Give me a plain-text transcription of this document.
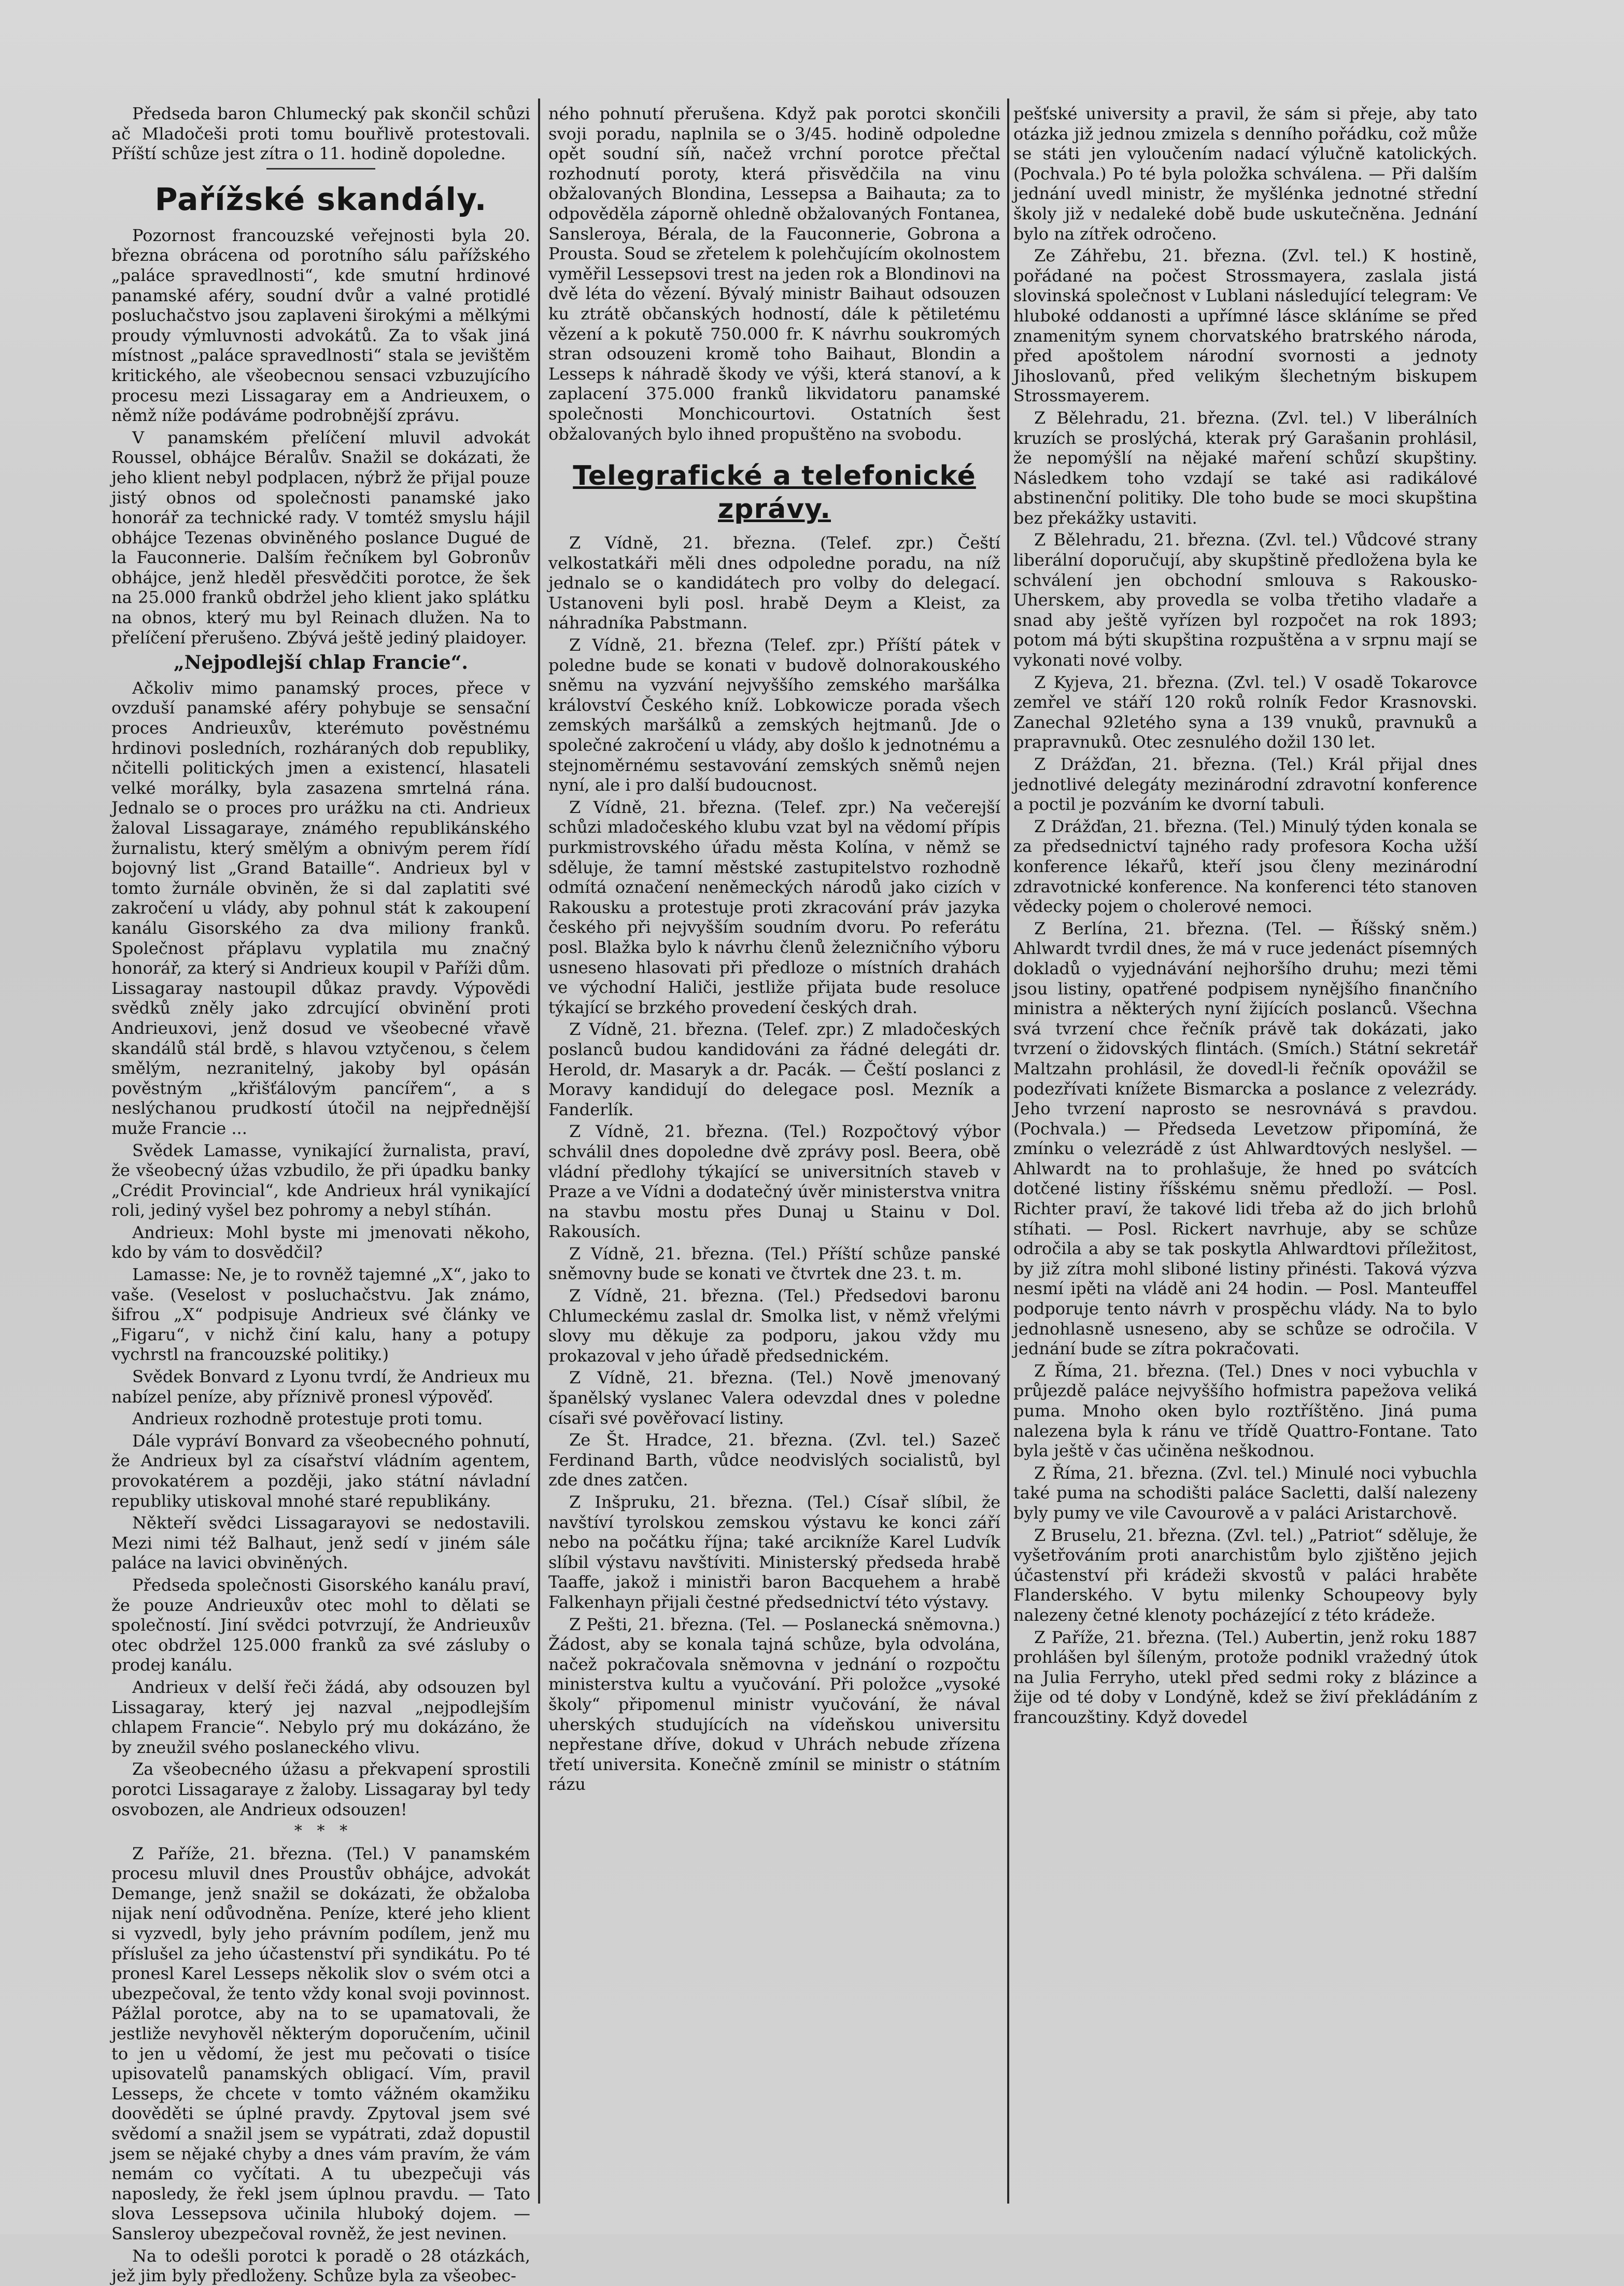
Předseda baron Chlumecký pak skončil schůzi ač Mladočeši proti tomu bouřlivě protestovali. Příští schůze jest zítra o 11. hodině dopoledne.

Pařížské skandály.

Pozornost francouzské veřejnosti byla 20. března obrácena od porotního sálu pařížského „paláce spravedlnosti“, kde smutní hrdinové panamské aféry, soudní dvůr a valné protidlé posluchačstvo jsou zaplaveni širokými a mělkými proudy výmluvnosti advokátů. Za to však jiná místnost „paláce spravedlnosti“ stala se jevištěm kritického, ale všeobecnou sensaci vzbuzujícího procesu mezi Lissagaray em a Andrieuxem, o němž níže podáváme podrobnější zprávu.

V panamském přelíčení mluvil advokát Roussel, obhájce Béralův. Snažil se dokázati, že jeho klient nebyl podplacen, nýbrž že přijal pouze jistý obnos od společnosti panamské jako honorář za technické rady. V tomtéž smyslu hájil obhájce Tezenas obviněného poslance Dugué de la Fauconnerie. Dalším řečníkem byl Gobronův obhájce, jenž hleděl přesvědčiti porotce, že šek na 25.000 franků obdržel jeho klient jako splátku na obnos, který mu byl Reinach dlužen. Na to přelíčení přerušeno. Zbývá ještě jediný plaidoyer.

„Nejpodlejší chlap Francie“.

Ačkoliv mimo panamský proces, přece v ovzduší panamské aféry pohybuje se sensační proces Andrieuxův, kterémuto pověstnému hrdinovi posledních, rozháraných dob republiky, nčitelli politických jmen a existencí, hlasateli velké morálky, byla zasazena smrtelná rána. Jednalo se o proces pro urážku na cti. Andrieux žaloval Lissagaraye, známého republikánského žurnalistu, který smělým a obnivým perem řídí bojovný list „Grand Bataille“. Andrieux byl v tomto žurnále obviněn, že si dal zaplatiti své zakročení u vlády, aby pohnul stát k zakoupení kanálu Gisorského za dva miliony franků. Společnost přáplavu vyplatila mu značný honorář, za který si Andrieux koupil v Paříži dům. Lissagaray nastoupil důkaz pravdy. Výpovědi svědků zněly jako zdrcující obvinění proti Andrieuxovi, jenž dosud ve všeobecné vřavě skandálů stál brdě, s hlavou vztyčenou, s čelem smělým, nezranitelný, jakoby byl opásán pověstným „křišťálovým pancířem“, a s neslýchanou prudkostí útočil na nejpřednější muže Francie ...

Svědek Lamasse, vynikající žurnalista, praví, že všeobecný úžas vzbudilo, že při úpadku banky „Crédit Provincial“, kde Andrieux hrál vynikající roli, jediný vyšel bez pohromy a nebyl stíhán.

Andrieux: Mohl byste mi jmenovati někoho, kdo by vám to dosvědčil?

Lamasse: Ne, je to rovněž tajemné „X“, jako to vaše. (Veselost v posluchačstvu. Jak známo, šifrou „X“ podpisuje Andrieux své články ve „Figaru“, v nichž činí kalu, hany a potupy vychrstl na francouzské politiky.)

Svědek Bonvard z Lyonu tvrdí, že Andrieux mu nabízel peníze, aby příznivě pronesl výpověď.

Andrieux rozhodně protestuje proti tomu.

Dále vypráví Bonvard za všeobecného pohnutí, že Andrieux byl za císařství vládním agentem, provokatérem a později, jako státní návladní republiky utiskoval mnohé staré republikány.

Někteří svědci Lissagarayovi se nedostavili. Mezi nimi též Balhaut, jenž sedí v jiném sále paláce na lavici obviněných.

Předseda společnosti Gisorského kanálu praví, že pouze Andrieuxův otec mohl to dělati se společností. Jiní svědci potvrzují, že Andrieuxův otec obdržel 125.000 franků za své zásluby o prodej kanálu.

Andrieux v delší řeči žádá, aby odsouzen byl Lissagaray, který jej nazval „nejpodlejším chlapem Francie“. Nebylo prý mu dokázáno, že by zneužil svého poslaneckého vlivu.

Za všeobecného úžasu a překvapení sprostili porotci Lissagaraye z žaloby. Lissagaray byl tedy osvobozen, ale Andrieux odsouzen!

*   *   *

Z Paříže, 21. března. (Tel.) V panamském procesu mluvil dnes Proustův obhájce, advokát Demange, jenž snažil se dokázati, že obžaloba nijak není odůvodněna. Peníze, které jeho klient si vyzvedl, byly jeho právním podílem, jenž mu příslušel za jeho účastenství při syndikátu. Po té pronesl Karel Lesseps několik slov o svém otci a ubezpečoval, že tento vždy konal svoji povinnost. Pážlal porotce, aby na to se upamatovali, že jestliže nevyhověl některým doporučením, učinil to jen u vědomí, že jest mu pečovati o tisíce upisovatelů panamských obligací. Vím, pravil Lesseps, že chcete v tomto vážném okamžiku doověděti se úplné pravdy. Zpytoval jsem své svědomí a snažil jsem se vypátrati, zdaž dopustil jsem se nějaké chyby a dnes vám pravím, že vám nemám co vyčítati. A tu ubezpečuji vás naposledy, že řekl jsem úplnou pravdu. — Tato slova Lessepsova učinila hluboký dojem. — Sansleroy ubezpečoval rovněž, že jest nevinen.

Na to odešli porotci k poradě o 28 otázkách, jež jim byly předloženy. Schůze byla za všeobec-

ného pohnutí přerušena. Když pak porotci skončili svoji poradu, naplnila se o 3/45. hodině odpoledne opět soudní síň, načež vrchní porotce přečtal rozhodnutí poroty, která přisvědčila na vinu obžalovaných Blondina, Lessepsa a Baihauta; za to odpověděla záporně ohledně obžalovaných Fontanea, Sansleroya, Bérala, de la Fauconnerie, Gobrona a Prousta. Soud se zřetelem k polehčujícím okolnostem vyměřil Lessepsovi trest na jeden rok a Blondinovi na dvě léta do vězení. Bývalý ministr Baihaut odsouzen ku ztrátě občanských hodností, dále k pětiletému vězení a k pokutě 750.000 fr. K návrhu soukromých stran odsouzeni kromě toho Baihaut, Blondin a Lesseps k náhradě škody ve výši, která stanoví, a k zaplacení 375.000 franků likvidatoru panamské společnosti Monchicourtovi. Ostatních šest obžalovaných bylo ihned propuštěno na svobodu.

Telegrafické a telefonické zprávy.

Z Vídně, 21. března. (Telef. zpr.) Čeští velkostatkáři měli dnes odpoledne poradu, na níž jednalo se o kandidátech pro volby do delegací. Ustanoveni byli posl. hrabě Deym a Kleist, za náhradníka Pabstmann.

Z Vídně, 21. března (Telef. zpr.) Příští pátek v poledne bude se konati v budově dolnorakouského sněmu na vyzvání nejvyššího zemského maršálka království Českého kníž. Lobkowicze porada všech zemských maršálků a zemských hejtmanů. Jde o společné zakročení u vlády, aby došlo k jednotnému a stejnoměrnému sestavování zemských sněmů nejen nyní, ale i pro další budoucnost.

Z Vídně, 21. března. (Telef. zpr.) Na večerejší schůzi mladočeského klubu vzat byl na vědomí přípis purkmistrovského úřadu města Kolína, v němž se sděluje, že tamní městské zastupitelstvo rozhodně odmítá označení neněmeckých národů jako cizích v Rakousku a protestuje proti zkracování práv jazyka českého při nejvyšším soudním dvoru. Po referátu posl. Blažka bylo k návrhu členů železničního výboru usneseno hlasovati při předloze o místních drahách ve východní Haliči, jestliže přijata bude resoluce týkající se brzkého provedení českých drah.

Z Vídně, 21. března. (Telef. zpr.) Z mladočeských poslanců budou kandidováni za řádné delegáti dr. Herold, dr. Masaryk a dr. Pacák. — Čeští poslanci z Moravy kandidují do delegace posl. Mezník a Fanderlík.

Z Vídně, 21. března. (Tel.) Rozpočtový výbor schválil dnes dopoledne dvě zprávy posl. Beera, obě vládní předlohy týkající se universitních staveb v Praze a ve Vídni a dodatečný úvěr ministerstva vnitra na stavbu mostu přes Dunaj u Stainu v Dol. Rakousích.

Z Vídně, 21. března. (Tel.) Příští schůze panské sněmovny bude se konati ve čtvrtek dne 23. t. m.

Z Vídně, 21. března. (Tel.) Předsedovi baronu Chlumeckému zaslal dr. Smolka list, v němž vřelými slovy mu děkuje za podporu, jakou vždy mu prokazoval v jeho úřadě předsednickém.

Z Vídně, 21. března. (Tel.) Nově jmenovaný španělský vyslanec Valera odevzdal dnes v poledne císaři své pověřovací listiny.

Ze Št. Hradce, 21. března. (Zvl. tel.) Sazeč Ferdinand Barth, vůdce neodvislých socialistů, byl zde dnes zatčen.

Z Inšpruku, 21. března. (Tel.) Císař slíbil, že navštíví tyrolskou zemskou výstavu ke konci září nebo na počátku října; také arcikníže Karel Ludvík slíbil výstavu navštíviti. Ministerský předseda hrabě Taaffe, jakož i ministři baron Bacquehem a hrabě Falkenhayn přijali čestné předsednictví této výstavy.

Z Pešti, 21. března. (Tel. — Poslanecká sněmovna.) Žádost, aby se konala tajná schůze, byla odvolána, načež pokračovala sněmovna v jednání o rozpočtu ministerstva kultu a vyučování. Při položce „vysoké školy“ připomenul ministr vyučování, že nával uherských studujících na vídeňskou universitu nepřestane dříve, dokud v Uhrách nebude zřízena třetí universita. Konečně zmínil se ministr o státním rázu

pešťské university a pravil, že sám si přeje, aby tato otázka již jednou zmizela s denního pořádku, což může se státi jen vyloučením nadací výlučně katolických. (Pochvala.) Po té byla položka schválena. — Při dalším jednání uvedl ministr, že myšlénka jednotné střední školy již v nedaleké době bude uskutečněna. Jednání bylo na zítřek odročeno.

Ze Záhřebu, 21. března. (Zvl. tel.) K hostině, pořádané na počest Strossmayera, zaslala jistá slovinská společnost v Lublani následující telegram: Ve hluboké oddanosti a upřímné lásce skláníme se před znamenitým synem chorvatského bratrského národa, před apoštolem národní svornosti a jednoty Jihoslovanů, před velikým šlechetným biskupem Strossmayerem.

Z Bělehradu, 21. března. (Zvl. tel.) V liberálních kruzích se proslýchá, kterak prý Garašanin prohlásil, že nepomýšlí na nějaké maření schůzí skupštiny. Následkem toho vzdají se také asi radikálové abstinenční politiky. Dle toho bude se moci skupština bez překážky ustaviti.

Z Bělehradu, 21. března. (Zvl. tel.) Vůdcové strany liberální doporučují, aby skupštině předložena byla ke schválení jen obchodní smlouva s Rakousko-Uherskem, aby provedla se volba třetiho vladaře a snad aby ještě vyřízen byl rozpočet na rok 1893; potom má býti skupština rozpuštěna a v srpnu mají se vykonati nové volby.

Z Kyjeva, 21. března. (Zvl. tel.) V osadě Tokarovce zemřel ve stáří 120 roků rolník Fedor Krasnovski. Zanechal 92letého syna a 139 vnuků, pravnuků a prapravnuků. Otec zesnulého dožil 130 let.

Z Drážďan, 21. března. (Tel.) Král přijal dnes jednotlivé delegáty mezinárodní zdravotní konference a poctil je pozváním ke dvorní tabuli.

Z Drážďan, 21. března. (Tel.) Minulý týden konala se za předsednictví tajného rady profesora Kocha užší konference lékařů, kteří jsou členy mezinárodní zdravotnické konference. Na konferenci této stanoven vědecky pojem o cholerové nemoci.

Z Berlína, 21. března. (Tel. — Říšský sněm.) Ahlwardt tvrdil dnes, že má v ruce jedenáct písemných dokladů o vyjednávání nejhoršího druhu; mezi těmi jsou listiny, opatřené podpisem nynějšího finančního ministra a některých nyní žijících poslanců. Všechna svá tvrzení chce řečník právě tak dokázati, jako tvrzení o židovských flintách. (Smích.) Státní sekretář Maltzahn prohlásil, že dovedl-li řečník opovážil se podezřívati knížete Bismarcka a poslance z velezrády. Jeho tvrzení naprosto se nesrovnává s pravdou. (Pochvala.) — Předseda Levetzow připomíná, že zmínku o velezrádě z úst Ahlwardtových neslyšel. — Ahlwardt na to prohlašuje, že hned po svátcích dotčené listiny říšskému sněmu předloží. — Posl. Richter praví, že takové lidi třeba až do jich brlohů stíhati. — Posl. Rickert navrhuje, aby se schůze odročila a aby se tak poskytla Ahlwardtovi příležitost, by již zítra mohl sliboné listiny přinésti. Taková výzva nesmí ipěti na vládě ani 24 hodin. — Posl. Manteuffel podporuje tento návrh v prospěchu vlády. Na to bylo jednohlasně usneseno, aby se schůze se odročila. V jednání bude se zítra pokračovati.

Z Říma, 21. března. (Tel.) Dnes v noci vybuchla v průjezdě paláce nejvyššího hofmistra papežova veliká puma. Mnoho oken bylo roztříštěno. Jiná puma nalezena byla k ránu ve třídě Quattro-Fontane. Tato byla ještě v čas učiněna neškodnou.

Z Říma, 21. března. (Zvl. tel.) Minulé noci vybuchla také puma na schodišti paláce Sacletti, další nalezeny byly pumy ve vile Cavourově a v paláci Aristarchově.

Z Bruselu, 21. března. (Zvl. tel.) „Patriot“ sděluje, že vyšetřováním proti anarchistům bylo zjištěno jejich účastenství při krádeži skvostů v paláci hraběte Flanderského. V bytu milenky Schoupeovy byly nalezeny četné klenoty pocházející z této krádeže.

Z Paříže, 21. března. (Tel.) Aubertin, jenž roku 1887 prohlášen byl šíleným, protože podnikl vražedný útok na Julia Ferryho, utekl před sedmi roky z blázince a žije od té doby v Londýně, kdež se živí překládáním z francouzštiny. Když dovedel
